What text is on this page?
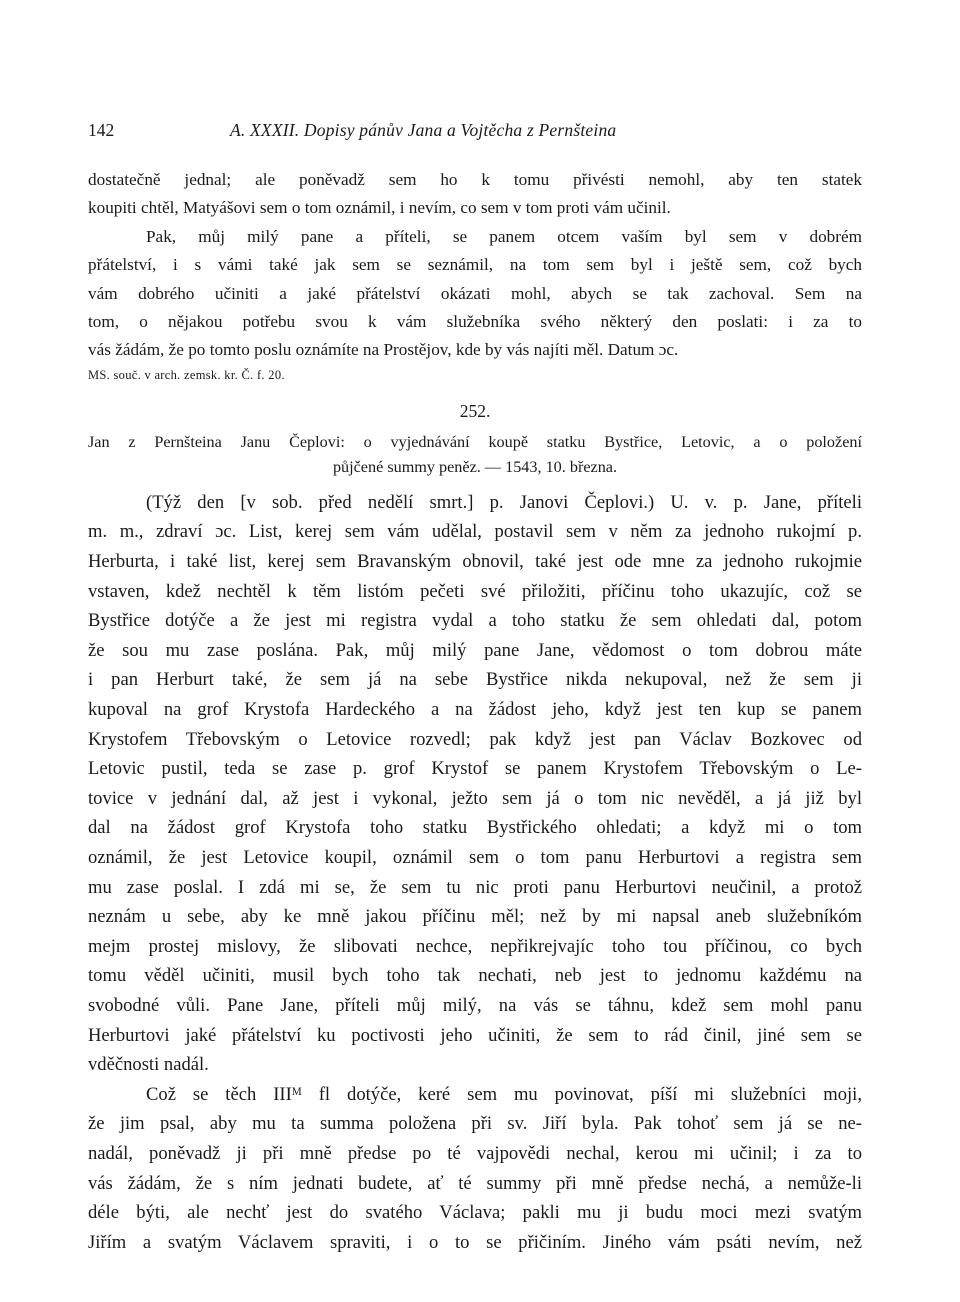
142	A. XXXII. Dopisy pánův Jana a Vojtěcha z Pernšteina

dostatečně jednal; ale poněvadž sem ho k tomu přivésti nemohl, aby ten statek
koupiti chtěl, Matyášovi sem o tom oznámil, i nevím, co sem v tom proti vám učinil.

Pak, můj milý pane a příteli, se panem otcem vaším byl sem v dobrém
přátelství, i s vámi také jak sem se seznámil, na tom sem byl i ještě sem, což bych
vám dobrého učiniti a jaké přátelství okázati mohl, abych se tak zachoval. Sem na
tom, o nějakou potřebu svou k vám služebníka svého některý den poslati: i za to
vás žádám, že po tomto poslu oznámíte na Prostějov, kde by vás najíti měl. Datum ɔc.

MS. souč. v arch. zemsk. kr. Č. f. 20.
252.
Jan z Pernšteina Janu Čeplovi: o vyjednávání koupě statku Bystřice, Letovic, a o položení
půjčené summy peněz. — 1543, 10. března.

(Týž den [v sob. před nedělí smrt.] p. Janovi Čeplovi.) U. v. p. Jane, příteli
m. m., zdraví ɔc. List, kerej sem vám udělal, postavil sem v něm za jednoho rukojmí p.
Herburta, i také list, kerej sem Bravanským obnovil, také jest ode mne za jednoho rukojmie
vstaven, kdež nechtěl k těm listóm pečeti své přiložiti, příčinu toho ukazujíc, což se
Bystřice dotýče a že jest mi registra vydal a toho statku že sem ohledati dal, potom
že sou mu zase poslána. Pak, můj milý pane Jane, vědomost o tom dobrou máte
i pan Herburt také, že sem já na sebe Bystřice nikda nekupoval, než že sem ji
kupoval na grof Krystofa Hardeckého a na žádost jeho, když jest ten kup se panem
Krystofem Třebovským o Letovice rozvedl; pak když jest pan Václav Bozkovec od
Letovic pustil, teda se zase p. grof Krystof se panem Krystofem Třebovským o Le-
tovice v jednání dal, až jest i vykonal, ježto sem já o tom nic nevěděl, a já již byl
dal na žádost grof Krystofa toho statku Bystřického ohledati; a když mi o tom
oznámil, že jest Letovice koupil, oznámil sem o tom panu Herburtovi a registra sem
mu zase poslal. I zdá mi se, že sem tu nic proti panu Herburtovi neučinil, a protož
neznám u sebe, aby ke mně jakou příčinu měl; než by mi napsal aneb služebníkóm
mejm prostej mislovy, že slibovati nechce, nepřikrejvajíc toho tou příčinou, co bych
tomu věděl učiniti, musil bych toho tak nechati, neb jest to jednomu každému na
svobodné vůli. Pane Jane, příteli můj milý, na vás se táhnu, kdež sem mohl panu
Herburtovi jaké přátelství ku poctivosti jeho učiniti, že sem to rád činil, jiné sem se
vděčnosti nadál.

Což se těch IIIᴹ fl dotýče, keré sem mu povinovat, píší mi služebníci moji,
že jim psal, aby mu ta summa položena při sv. Jiří byla. Pak tohoť sem já se ne-
nadál, poněvadž ji při mně předse po té vajpovědi nechal, kerou mi učinil; i za to
vás žádám, že s ním jednati budete, ať té summy při mně předse nechá, a nemůže-li
déle býti, ale nechť jest do svatého Václava; pakli mu ji budu moci mezi svatým
Jiřím a svatým Václavem spraviti, i o to se přičiním. Jiného vám psáti nevím, než
